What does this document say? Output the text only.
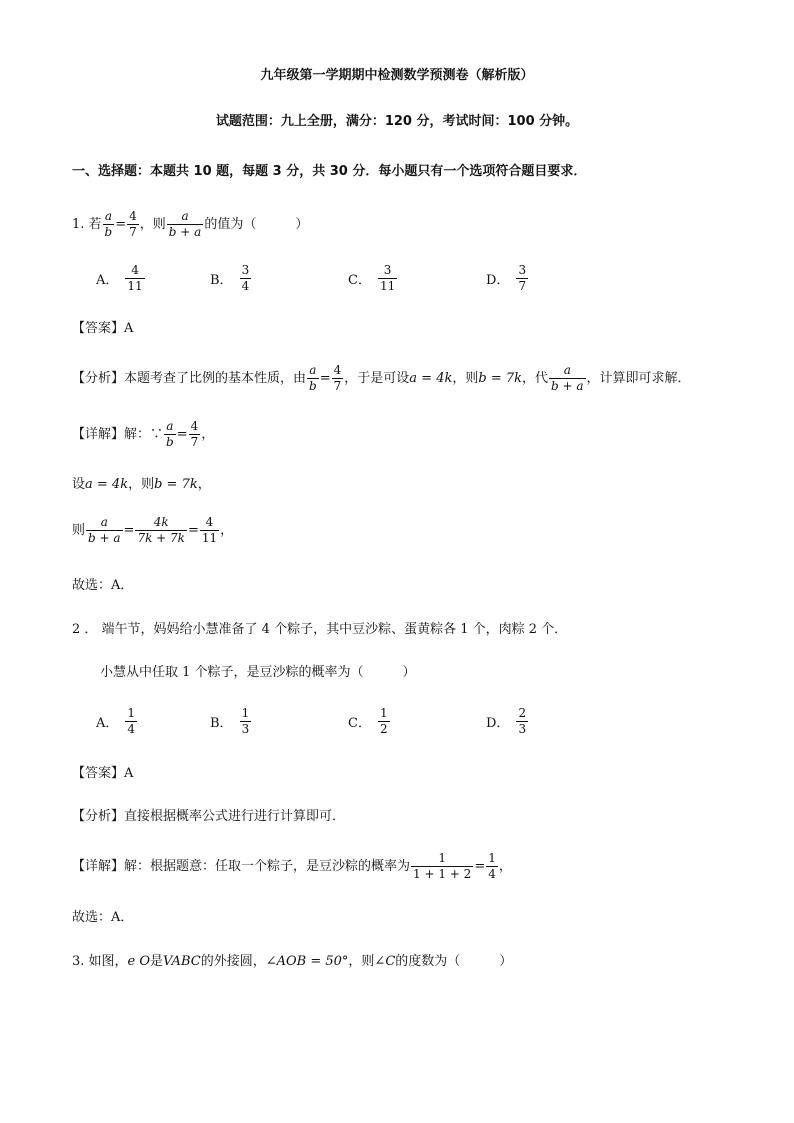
九年级第一学期期中检测数学预测卷（解析版）
试题范围：九上全册，满分：120 分，考试时间：100 分钟。
一、选择题：本题共 10 题，每题 3 分，共 30 分．每小题只有一个选项符合题目要求．
1. 若 $\frac{a}{b} = \frac{4}{7}$ ，则 $\frac{a}{b + a}$ 的值为（　　　）
A． $\frac{4}{11}$	B． $\frac{3}{4}$	C． $\frac{3}{11}$	D． $\frac{3}{7}$
【答案】 A
【分析】 本题考查了比例的基本性质，由 $\frac{a}{b} = \frac{4}{7}$ ，于是可设 a = 4k ，则 b = 7k ，代 $\frac{a}{b + a}$ ，计算即可求解．
【详解】 解：∵ $\frac{a}{b} = \frac{4}{7}$ ，
设 a = 4k ，则 b = 7k ，
则 $\frac{a}{b + a} = \frac{4k}{7k + 7k} = \frac{4}{11}$ ，
故选：A．
2 ． 端午节，妈妈给小慧准备了 4 个粽子，其中豆沙粽、蛋黄粽各 1 个，肉粽 2 个．
小慧从中任取 1 个粽子，是豆沙粽的概率为（　　　）
A． $\frac{1}{4}$	B． $\frac{1}{3}$	C． $\frac{1}{2}$	D． $\frac{2}{3}$
【答案】 A
【分析】 直接根据概率公式进行进行计算即可．
【详解】 解：根据题意：任取一个粽子，是豆沙粽的概率为 $\frac{1}{1 + 1 + 2} = \frac{1}{4}$ ，
故选：A．
3. 如图， e O 是 VABC 的外接圆， ∠AOB = 50° ，则 ∠C 的度数为（　　　）
